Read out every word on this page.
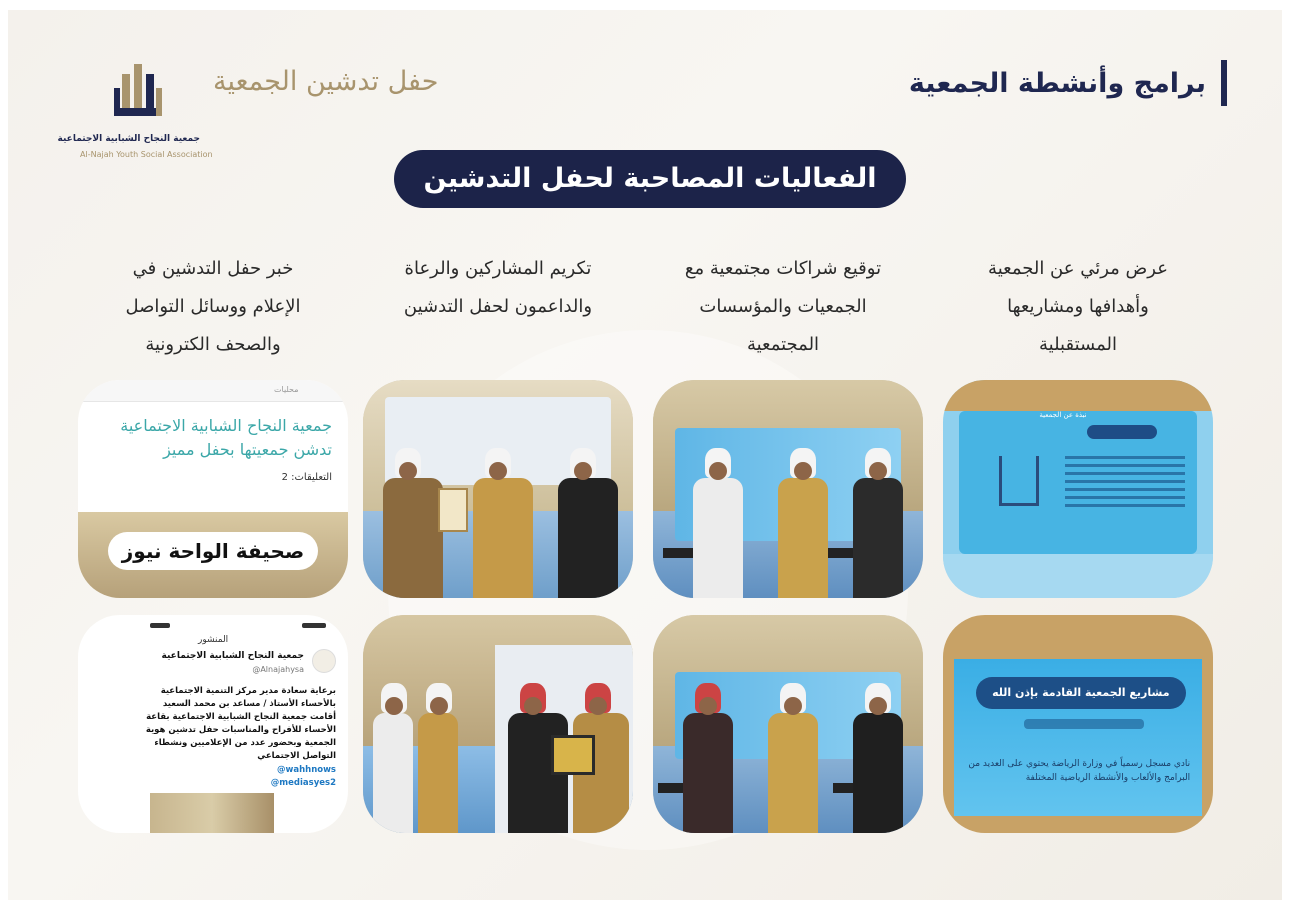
برامج وأنشطة الجمعية
حفل تدشين الجمعية
جمعية النجاح الشبابية الاجتماعية
Al-Najah Youth Social Association
الفعاليات المصاحبة لحفل التدشين
عرض مرئي عن الجمعية
وأهدافها ومشاريعها
المستقبلية
توقيع شراكات مجتمعية مع
الجمعيات والمؤسسات
المجتمعية
تكريم المشاركين والرعاة
والداعمون لحفل التدشين
خبر حفل التدشين في
الإعلام ووسائل التواصل
والصحف الكترونية
محليات
جمعية النجاح الشبابية الاجتماعية
تدشن جمعيتها بحفل مميز
التعليقات: 2
صحيفة الواحة نيوز
مشاريع الجمعية القادمة بإذن الله
نادي مسجل رسمياً في وزارة الرياضة يحتوي على العديد من البرامج والألعاب والأنشطة الرياضية المختلفة
المنشور
جمعية النجاح الشبابية الاجتماعية
@Alnajahysa
برعاية سعادة مدير مركز التنمية الاجتماعية بالأحساء الأستاذ / مساعد بن محمد السعيد أقامت جمعية النجاح الشبابية الاجتماعية بقاعة الأحساء للأفراح والمناسبات حفل تدشين هوية الجمعية وبحضور عدد من الإعلاميين ونشطاء التواصل الاجتماعي
@wahhnows
@mediasyes2
نبذة عن الجمعية
